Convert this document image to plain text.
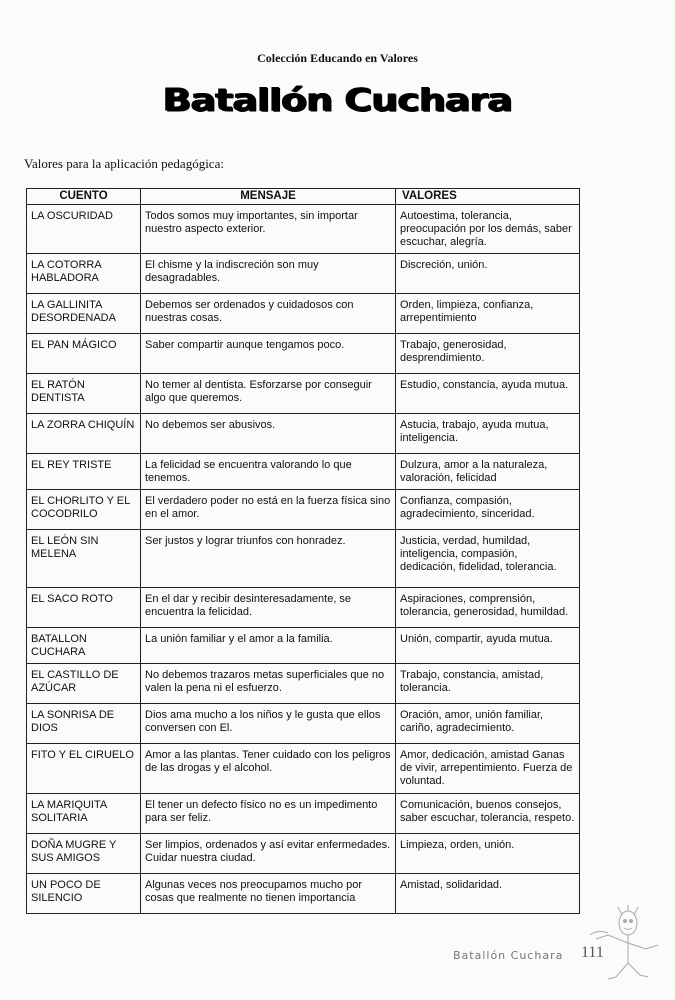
Colección Educando en Valores
Batallón Cuchara
Valores para la aplicación pedagógica:
CUENTO	MENSAJE	VALORES
LA OSCURIDAD	Todos somos muy importantes, sin importar nuestro aspecto exterior.	Autoestima, tolerancia, preocupación por los demás, saber escuchar, alegría.
LA COTORRA HABLADORA	El chisme y la indiscreción son muy desagradables.	Discreción, unión.
LA GALLINITA DESORDENADA	Debemos ser ordenados y cuidadosos con nuestras cosas.	Orden, limpieza, confianza, arrepentimiento
EL PAN MÁGICO	Saber compartir aunque tengamos poco.	Trabajo, generosidad, desprendimiento.
EL RATÓN DENTISTA	No temer al dentista. Esforzarse por conseguir algo que queremos.	Estudio, constancia, ayuda mutua.
LA ZORRA CHIQUÍN	No debemos ser abusivos.	Astucia, trabajo, ayuda mutua, inteligencia.
EL REY TRISTE	La felicidad se encuentra valorando lo que tenemos.	Dulzura, amor a la naturaleza, valoración, felicidad
EL CHORLITO Y EL COCODRILO	El verdadero poder no está en la fuerza física sino en el amor.	Confianza, compasión, agradecimiento, sinceridad.
EL LEÓN SIN MELENA	Ser justos y lograr triunfos con honradez.	Justicia, verdad, humildad, inteligencia, compasión, dedicación, fidelidad, tolerancia.
EL SACO ROTO	En el dar y recibir desinteresadamente, se encuentra la felicidad.	Aspiraciones, comprensión, tolerancia, generosidad, humildad.
BATALLON CUCHARA	La unión familiar y el amor a la familia.	Unión, compartir, ayuda mutua.
EL CASTILLO DE AZÚCAR	No debemos trazaros metas superficiales que no valen la pena ni el esfuerzo.	Trabajo, constancia, amistad, tolerancia.
LA SONRISA DE DIOS	Dios ama mucho a los niños y le gusta que ellos conversen con El.	Oración, amor, unión familiar, cariño, agradecimiento.
FITO Y EL CIRUELO	Amor a las plantas. Tener cuidado con los peligros de las drogas y el alcohol.	Amor, dedicación, amistad Ganas de vivir, arrepentimiento. Fuerza de voluntad.
LA MARIQUITA SOLITARIA	El tener un defecto físico no es un impedimento para ser feliz.	Comunicación, buenos consejos, saber escuchar, tolerancia, respeto.
DOÑA MUGRE Y SUS AMIGOS	Ser limpios, ordenados y así evitar enfermedades. Cuidar nuestra ciudad.	Limpieza, orden, unión.
UN POCO DE SILENCIO	Algunas veces nos preocupamos mucho por cosas que realmente no tienen importancia	Amistad, solidaridad.
Batallón Cuchara 111
